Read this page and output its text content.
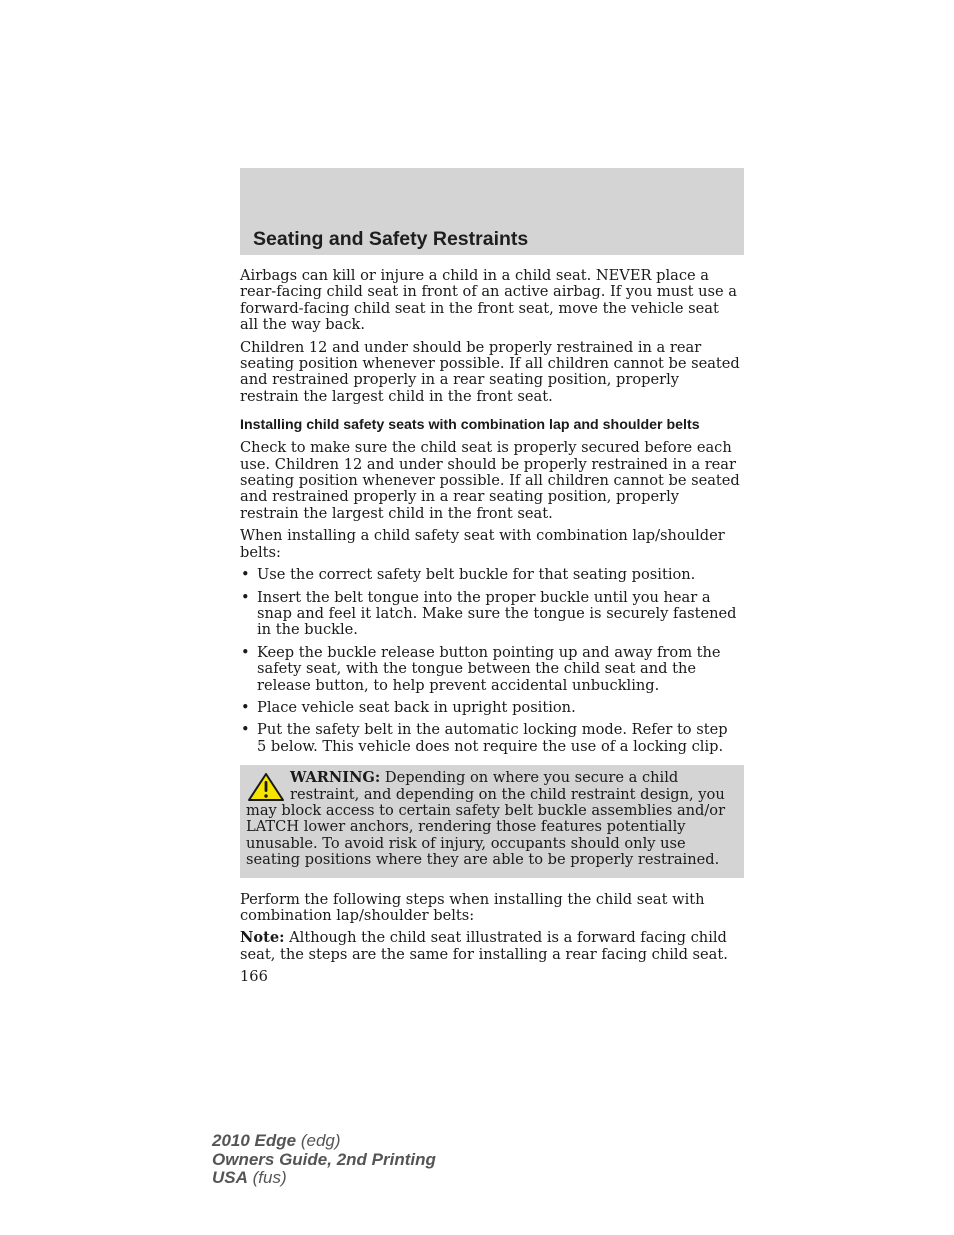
Seating and Safety Restraints

Airbags can kill or injure a child in a child seat. NEVER place a rear-facing child seat in front of an active airbag. If you must use a forward-facing child seat in the front seat, move the vehicle seat all the way back.

Children 12 and under should be properly restrained in a rear seating position whenever possible. If all children cannot be seated and restrained properly in a rear seating position, properly restrain the largest child in the front seat.

Installing child safety seats with combination lap and shoulder belts

Check to make sure the child seat is properly secured before each use. Children 12 and under should be properly restrained in a rear seating position whenever possible. If all children cannot be seated and restrained properly in a rear seating position, properly restrain the largest child in the front seat.

When installing a child safety seat with combination lap/shoulder belts:

• Use the correct safety belt buckle for that seating position.
• Insert the belt tongue into the proper buckle until you hear a snap and feel it latch. Make sure the tongue is securely fastened in the buckle.
• Keep the buckle release button pointing up and away from the safety seat, with the tongue between the child seat and the release button, to help prevent accidental unbuckling.
• Place vehicle seat back in upright position.
• Put the safety belt in the automatic locking mode. Refer to step 5 below. This vehicle does not require the use of a locking clip.
WARNING: Depending on where you secure a child restraint, and depending on the child restraint design, you may block access to certain safety belt buckle assemblies and/or LATCH lower anchors, rendering those features potentially unusable. To avoid risk of injury, occupants should only use seating positions where they are able to be properly restrained.

Perform the following steps when installing the child seat with combination lap/shoulder belts:

Note: Although the child seat illustrated is a forward facing child seat, the steps are the same for installing a rear facing child seat.

166
2010 Edge (edg)
Owners Guide, 2nd Printing
USA (fus)
